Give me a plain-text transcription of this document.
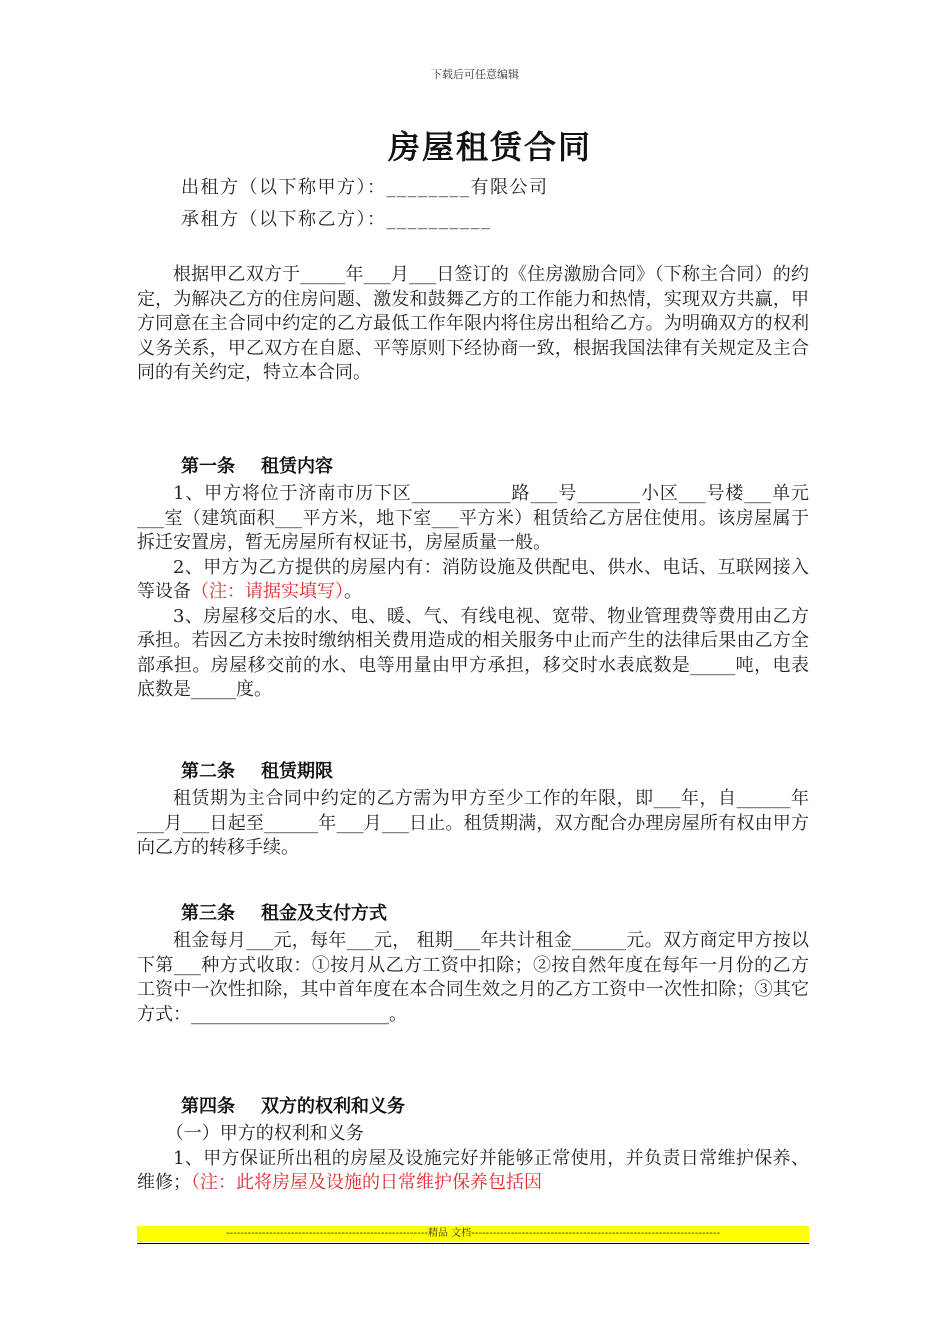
下载后可任意编辑
房屋租赁合同
出租方（以下称甲方）：________有限公司
承租方（以下称乙方）：__________

根据甲乙双方于_____年___月___日签订的《住房激励合同》（下称主合同）的约定，为解决乙方的住房问题、激发和鼓舞乙方的工作能力和热情，实现双方共赢，甲方同意在主合同中约定的乙方最低工作年限内将住房出租给乙方。为明确双方的权利义务关系，甲乙双方在自愿、平等原则下经协商一致，根据我国法律有关规定及主合同的有关约定，特立本合同。

第一条 租赁内容

1、甲方将位于济南市历下区___________路___号_______小区___号楼___单元___室（建筑面积___平方米，地下室___平方米）租赁给乙方居住使用。该房屋属于拆迁安置房，暂无房屋所有权证书，房屋质量一般。

2、甲方为乙方提供的房屋内有：消防设施及供配电、供水、电话、互联网接入等设备（注：请据实填写）。

3、房屋移交后的水、电、暖、气、有线电视、宽带、物业管理费等费用由乙方承担。若因乙方未按时缴纳相关费用造成的相关服务中止而产生的法律后果由乙方全部承担。房屋移交前的水、电等用量由甲方承担，移交时水表底数是_____吨，电表底数是_____度。

第二条 租赁期限

租赁期为主合同中约定的乙方需为甲方至少工作的年限，即___年，自______年___月___日起至______年___月___日止。租赁期满，双方配合办理房屋所有权由甲方向乙方的转移手续。

第三条 租金及支付方式

租金每月___元，每年___元， 租期___年共计租金______元。双方商定甲方按以下第___种方式收取：①按月从乙方工资中扣除；②按自然年度在每年一月份的乙方工资中一次性扣除，其中首年度在本合同生效之月的乙方工资中一次性扣除；③其它方式：______________________。

第四条 双方的权利和义务

（一）甲方的权利和义务

1、甲方保证所出租的房屋及设施完好并能够正常使用，并负责日常维护保养、维修；（注：此将房屋及设施的日常维护保养包括因

--------------------------------------------------------精品 文档---------------------------------------------------------------------
